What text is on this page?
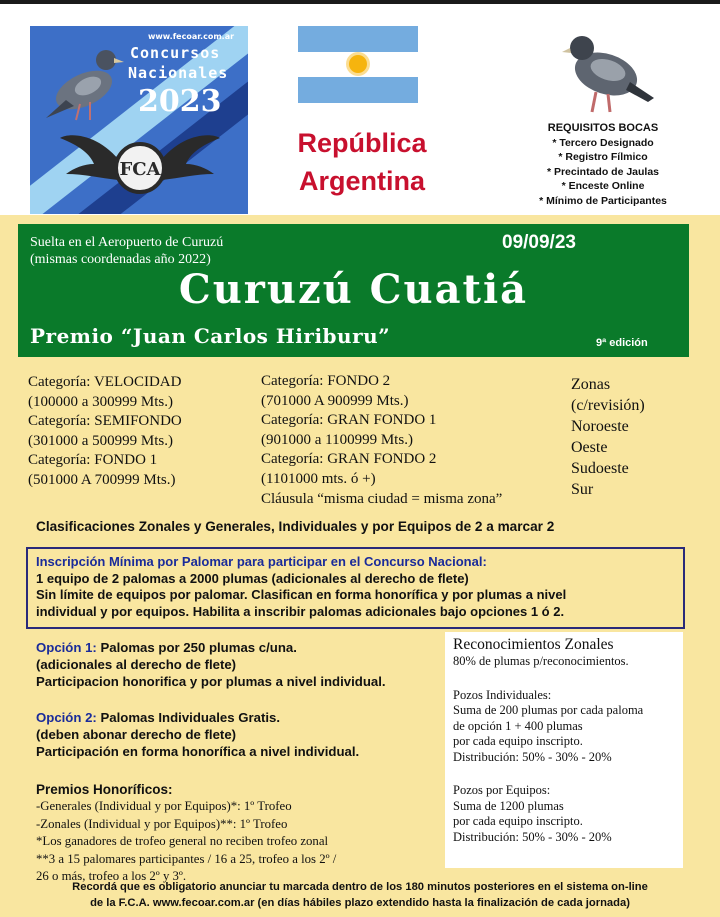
www.fecoar.com.ar
Concursos
Nacionales
2023
FCA
República
Argentina
REQUISITOS BOCAS
* Tercero Designado
* Registro Fílmico
* Precintado de Jaulas
* Enceste Online
* Mínimo de Participantes
Suelta en el Aeropuerto de Curuzú
(mismas coordenadas año 2022)
09/09/23
Curuzú Cuatiá
Premio “Juan Carlos Hiriburu”	9ª edición
Categoría: VELOCIDAD
(100000 a 300999 Mts.)
Categoría: SEMIFONDO
(301000 a 500999 Mts.)
Categoría: FONDO 1
(501000 A 700999 Mts.)
Categoría: FONDO 2
(701000 A 900999 Mts.)
Categoría: GRAN FONDO 1
(901000 a 1100999 Mts.)
Categoría: GRAN FONDO 2
(1101000 mts. ó +)
Cláusula “misma ciudad = misma zona”
Zonas
(c/revisión)
Noroeste
Oeste
Sudoeste
Sur
Clasificaciones Zonales y Generales, Individuales y por Equipos de 2 a marcar 2
Inscripción Mínima por Palomar para participar en el Concurso Nacional:
1 equipo de 2 palomas a 2000 plumas (adicionales al derecho de flete)
Sin límite de equipos por palomar. Clasifican en forma honorífica y por plumas a nivel
individual y por equipos. Habilita a inscribir palomas adicionales bajo opciones 1 ó 2.
Opción 1: Palomas por 250 plumas c/una.
(adicionales al derecho de flete)
Participacion honorifica y por plumas a nivel individual.
Opción 2: Palomas Individuales Gratis.
(deben abonar derecho de flete)
Participación en forma honorífica a nivel individual.
Premios Honoríficos:
-Generales (Individual y por Equipos)*: 1º Trofeo
-Zonales (Individual y por Equipos)**: 1º Trofeo
*Los ganadores de trofeo general no reciben trofeo zonal
**3 a 15 palomares participantes / 16 a 25, trofeo a los 2º /
26 o más, trofeo a los 2º y 3º.
Reconocimientos Zonales
80% de plumas p/reconocimientos.
Pozos Individuales:
Suma de 200 plumas por cada paloma
de opción 1 + 400 plumas
por cada equipo inscripto.
Distribución: 50% - 30% - 20%
Pozos por Equipos:
Suma de 1200 plumas
por cada equipo inscripto.
Distribución: 50% - 30% - 20%
Recordá que es obligatorio anunciar tu marcada dentro de los 180 minutos posteriores en el sistema on-line
de la F.C.A. www.fecoar.com.ar (en días hábiles plazo extendido hasta la finalización de cada jornada)
